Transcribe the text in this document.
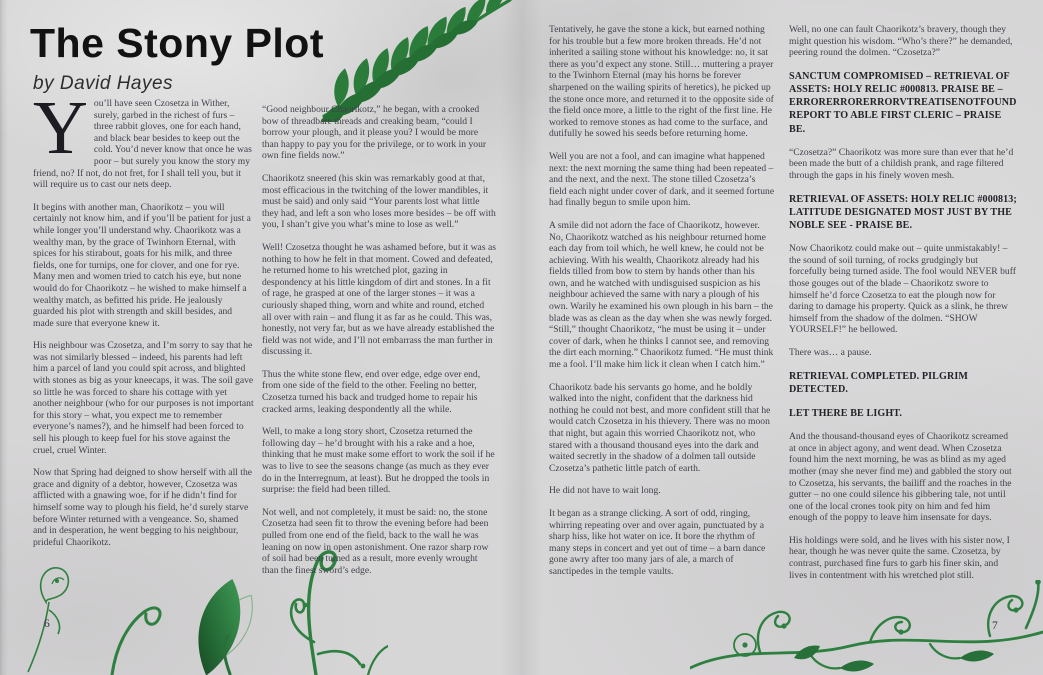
The Stony Plot
by David Hayes

You’ll have seen Czosetza in Wither, surely, garbed in the richest of furs – three rabbit gloves, one for each hand, and black bear besides to keep out the cold. You’d never know that once he was poor – but surely you know the story my friend, no? If not, do not fret, for I shall tell you, but it will require us to cast our nets deep.

It begins with another man, Chaorikotz – you will certainly not know him, and if you’ll be patient for just a while longer you’ll understand why. Chaorikotz was a wealthy man, by the grace of Twinhorn Eternal, with spices for his stirabout, goats for his milk, and three fields, one for turnips, one for clover, and one for rye. Many men and women tried to catch his eye, but none would do for Chaorikotz – he wished to make himself a wealthy match, as befitted his pride. He jealously guarded his plot with strength and skill besides, and made sure that everyone knew it.

His neighbour was Czosetza, and I’m sorry to say that he was not similarly blessed – indeed, his parents had left him a parcel of land you could spit across, and blighted with stones as big as your kneecaps, it was. The soil gave so little he was forced to share his cottage with yet another neighbour (who for our purposes is not important for this story – what, you expect me to remember everyone’s names?), and he himself had been forced to sell his plough to keep fuel for his stove against the cruel, cruel Winter.

Now that Spring had deigned to show herself with all the grace and dignity of a debtor, however, Czosetza was afflicted with a gnawing woe, for if he didn’t find for himself some way to plough his field, he’d surely starve before Winter returned with a vengeance. So, shamed and in desperation, he went begging to his neighbour, prideful Chaorikotz.

“Good neighbour Chaorikotz,” he began, with a crooked bow of threadbare threads and creaking beam, “could I borrow your plough, and it please you? I would be more than happy to pay you for the privilege, or to work in your own fine fields now.”

Chaorikotz sneered (his skin was remarkably good at that, most efficacious in the twitching of the lower mandibles, it must be said) and only said “Your parents lost what little they had, and left a son who loses more besides – be off with you, I shan’t give you what’s mine to lose as well.”

Well! Czosetza thought he was ashamed before, but it was as nothing to how he felt in that moment. Cowed and defeated, he returned home to his wretched plot, gazing in despondency at his little kingdom of dirt and stones. In a fit of rage, he grasped at one of the larger stones – it was a curiously shaped thing, worn and white and round, etched all over with rain – and flung it as far as he could. This was, honestly, not very far, but as we have already established the field was not wide, and I’ll not embarrass the man further in discussing it.

Thus the white stone flew, end over edge, edge over end, from one side of the field to the other. Feeling no better, Czosetza turned his back and trudged home to repair his cracked arms, leaking despondently all the while.

Well, to make a long story short, Czosetza returned the following day – he’d brought with his a rake and a hoe, thinking that he must make some effort to work the soil if he was to live to see the seasons change (as much as they ever do in the Interregnum, at least). But he dropped the tools in surprise: the field had been tilled.

Not well, and not completely, it must be said: no, the stone Czosetza had seen fit to throw the evening before had been pulled from one end of the field, back to the wall he was leaning on now in open astonishment. One razor sharp row of soil had been turned as a result, more evenly wrought than the finest sword’s edge.

Tentatively, he gave the stone a kick, but earned nothing for his trouble but a few more broken threads. He’d not inherited a sailing stone without his knowledge: no, it sat there as you’d expect any stone. Still… muttering a prayer to the Twinhorn Eternal (may his horns be forever sharpened on the wailing spirits of heretics), he picked up the stone once more, and returned it to the opposite side of the field once more, a little to the right of the first line. He worked to remove stones as had come to the surface, and dutifully he sowed his seeds before returning home.

Well you are not a fool, and can imagine what happened next: the next morning the same thing had been repeated – and the next, and the next. The stone tilled Czosetza’s field each night under cover of dark, and it seemed fortune had finally begun to smile upon him.

A smile did not adorn the face of Chaorikotz, however. No, Chaorikotz watched as his neighbour returned home each day from toil which, he well knew, he could not be achieving. With his wealth, Chaorikotz already had his fields tilled from bow to stern by hands other than his own, and he watched with undisguised suspicion as his neighbour achieved the same with nary a plough of his own. Warily he examined his own plough in his barn – the blade was as clean as the day when she was newly forged. “Still,” thought Chaorikotz, “he must be using it – under cover of dark, when he thinks I cannot see, and removing the dirt each morning.” Chaorikotz fumed. “He must think me a fool. I’ll make him lick it clean when I catch him.”

Chaorikotz bade his servants go home, and he boldly walked into the night, confident that the darkness hid nothing he could not best, and more confident still that he would catch Czosetza in his thievery. There was no moon that night, but again this worried Chaorikotz not, who stared with a thousand thousand eyes into the dark and waited secretly in the shadow of a dolmen tall outside Czosetza’s pathetic little patch of earth.

He did not have to wait long.

It began as a strange clicking. A sort of odd, ringing, whirring repeating over and over again, punctuated by a sharp hiss, like hot water on ice. It bore the rhythm of many steps in concert and yet out of time – a barn dance gone awry after too many jars of ale, a march of sanctipedes in the temple vaults.

Well, no one can fault Chaorikotz’s bravery, though they might question his wisdom. “Who’s there?” he demanded, peering round the dolmen. “Czosetza?”

SANCTUM COMPROMISED – RETRIEVAL OF ASSETS: HOLY RELIC #000813. PRAISE BE – ERRORERRORERRORVTREATISENOTFOUND REPORT TO ABLE FIRST CLERIC – PRAISE BE.

“Czosetza?” Chaorikotz was more sure than ever that he’d been made the butt of a childish prank, and rage filtered through the gaps in his finely woven mesh.

RETRIEVAL OF ASSETS: HOLY RELIC #000813; LATITUDE DESIGNATED MOST JUST BY THE NOBLE SEE - PRAISE BE.

Now Chaorikotz could make out – quite unmistakably! – the sound of soil turning, of rocks grudgingly but forcefully being turned aside. The fool would NEVER buff those gouges out of the blade – Chaorikotz swore to himself he’d force Czosetza to eat the plough now for daring to damage his property. Quick as a slink, he threw himself from the shadow of the dolmen. “SHOW YOURSELF!” he bellowed.

There was… a pause.

RETRIEVAL COMPLETED. PILGRIM DETECTED.

LET THERE BE LIGHT.

And the thousand-thousand eyes of Chaorikotz screamed at once in abject agony, and went dead. When Czosetza found him the next morning, he was as blind as my aged mother (may she never find me) and gabbled the story out to Czosetza, his servants, the bailiff and the roaches in the gutter – no one could silence his gibbering tale, not until one of the local crones took pity on him and fed him enough of the poppy to leave him insensate for days.

His holdings were sold, and he lives with his sister now, I hear, though he was never quite the same. Czosetza, by contrast, purchased fine furs to garb his finer skin, and lives in contentment with his wretched plot still.

6	7
